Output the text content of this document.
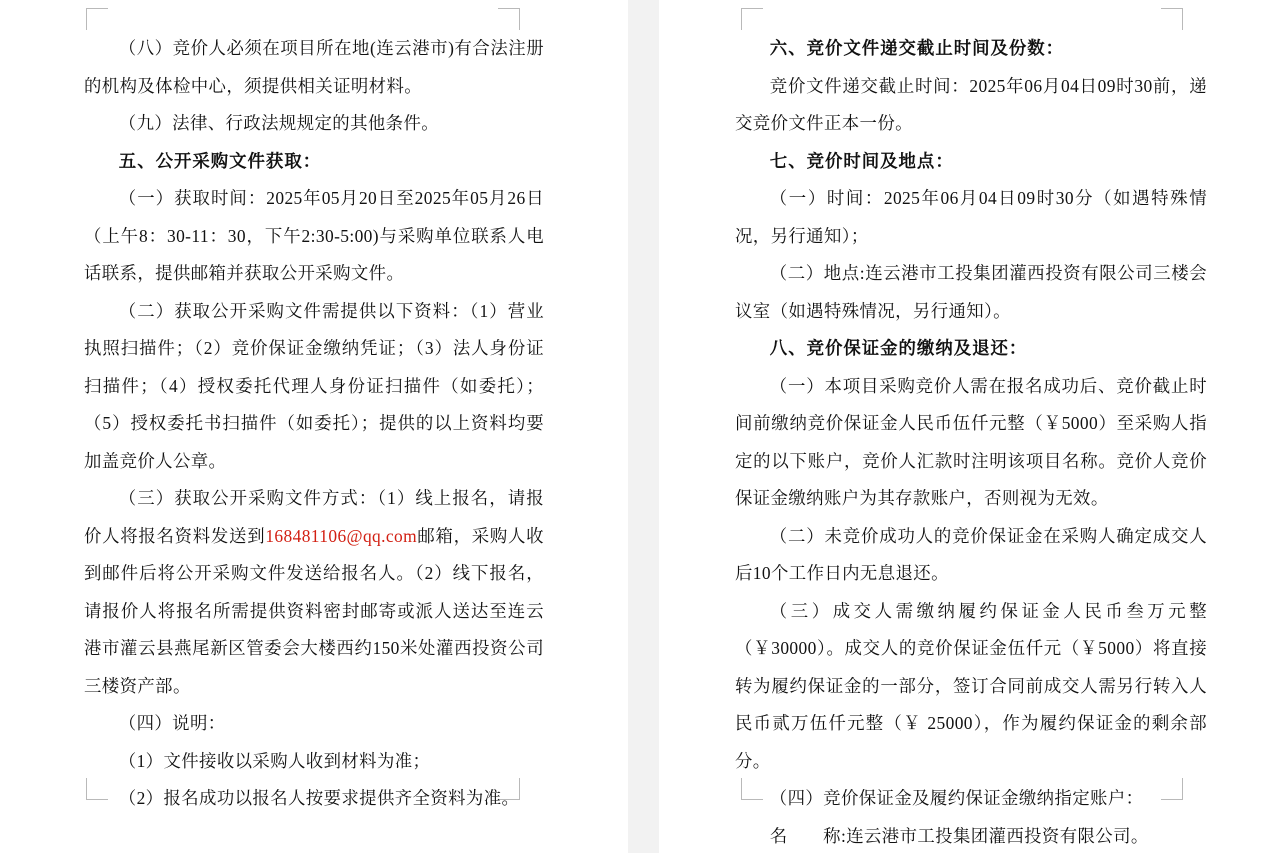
（八）竞价人必须在项目所在地(连云港市)有合法注册的机构及体检中心，须提供相关证明材料。

（九）法律、行政法规规定的其他条件。

五、公开采购文件获取：

（一）获取时间：2025年05月20日至2025年05月26日（上午8：30-11：30，下午2:30-5:00)与采购单位联系人电话联系，提供邮箱并获取公开采购文件。

（二）获取公开采购文件需提供以下资料：（1）营业执照扫描件；（2）竞价保证金缴纳凭证；（3）法人身份证扫描件；（4）授权委托代理人身份证扫描件（如委托）；（5）授权委托书扫描件（如委托）；提供的以上资料均要加盖竞价人公章。

（三）获取公开采购文件方式：（1）线上报名，请报价人将报名资料发送到168481106@qq.com邮箱，采购人收到邮件后将公开采购文件发送给报名人。（2）线下报名，请报价人将报名所需提供资料密封邮寄或派人送达至连云港市灌云县燕尾新区管委会大楼西约150米处灌西投资公司三楼资产部。

（四）说明：

（1）文件接收以采购人收到材料为准；

（2）报名成功以报名人按要求提供齐全资料为准。

六、竞价文件递交截止时间及份数：

竞价文件递交截止时间：2025年06月04日09时30前，递交竞价文件正本一份。

七、竞价时间及地点：

（一）时间：2025年06月04日09时30分（如遇特殊情况，另行通知）；

（二）地点:连云港市工投集团灌西投资有限公司三楼会议室（如遇特殊情况，另行通知）。

八、竞价保证金的缴纳及退还：

（一）本项目采购竞价人需在报名成功后、竞价截止时间前缴纳竞价保证金人民币伍仟元整（￥5000）至采购人指定的以下账户，竞价人汇款时注明该项目名称。竞价人竞价保证金缴纳账户为其存款账户，否则视为无效。

（二）未竞价成功人的竞价保证金在采购人确定成交人后10个工作日内无息退还。

（三）成交人需缴纳履约保证金人民币叁万元整（￥30000）。成交人的竞价保证金伍仟元（￥5000）将直接转为履约保证金的一部分，签订合同前成交人需另行转入人民币贰万伍仟元整（￥ 25000），作为履约保证金的剩余部分。

（四）竞价保证金及履约保证金缴纳指定账户：

名　　称:连云港市工投集团灌西投资有限公司。
